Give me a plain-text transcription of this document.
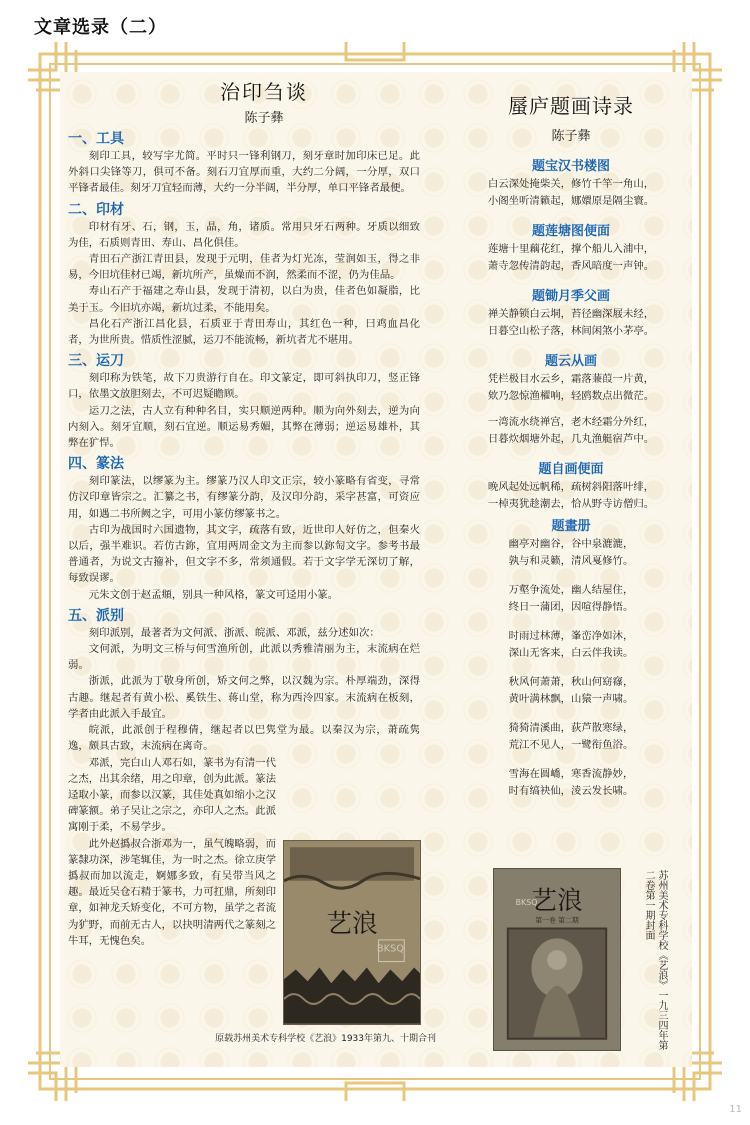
文章选录（二）
治印刍谈
陈子彝
一、工具

刻印工具，较写字尤简。平时只一锋利钢刀，刻牙章时加印床已足。此外斜口尖锋等刀，俱可不备。刻石刀宜厚而重，大约二分阔，一分厚，双口平锋者最佳。刻牙刀宜轻而薄，大约一分半阔，半分厚，单口平锋者最便。

二、印材

印材有牙、石，钢，玉，晶，角，诸质。常用只牙石两种。牙质以细致为佳，石质则青田、寿山、昌化俱佳。

青田石产浙江青田县，发现于元明，佳者为灯光冻，莹润如玉，得之非易，今旧坑佳材已竭，新坑所产，虽燥而不润，然柔而不涩，仍为佳品。

寿山石产于福建之寿山县，发现于清初，以白为贵，佳者色如凝脂，比美于玉。今旧坑亦竭，新坑过柔，不能用矣。

昌化石产浙江昌化县，石质亚于青田寿山，其红色一种，曰鸡血昌化者，为世所贵。惜质性涩腻，运刀不能流畅，新坑者尤不堪用。

三、运刀

刻印称为铁笔，故下刀贵游行自在。印文篆定，即可斜执印刀，竖正锋口，依墨文放胆刻去，不可迟疑瞻顾。

运刀之法，古人立有种种名目，实只顺逆两种。顺为向外刻去，逆为向内刻入。刻牙宜顺，刻石宜逆。顺运易秀媚，其弊在薄弱；逆运易雄朴，其弊在犷悍。

四、篆法

刻印篆法，以缪篆为主。缪篆乃汉人印文正宗，较小篆略有省变，寻常仿汉印章皆宗之。汇纂之书，有缪篆分韵，及汉印分韵，采字甚富，可资应用，如遇二书所阙之字，可用小篆仿缪篆书之。

古印为战国时六国遗物，其文字，疏落有致，近世印人好仿之，但秦火以后，强半难识。若仿古鉨，宜用两周金文为主而参以鉨匋文字。参考书最普通者，为说文古籀补，但文字不多，常须通假。若于文字学无深切了解，每致误谬。

元朱文创于赵孟頫，别具一种风格，篆文可迳用小篆。

五、派别

刻印派别，最著者为文何派、浙派、皖派、邓派，兹分述如次：

文何派，为明文三桥与何雪渔所创，此派以秀雅清丽为主，末流病在烂弱。

浙派，此派为丁敬身所创，矫文何之弊，以汉魏为宗。朴厚端劲，深得古趣。继起者有黄小松、奚铁生、蒋山堂，称为西泠四家。末流病在板刻，学者由此派入手最宜。

皖派，此派创于程穆倩，继起者以巴隽堂为最。以秦汉为宗，萧疏隽逸，颇具古致，末流病在离奇。

邓派，完白山人邓石如，篆书为有清一代之杰，出其余绪，用之印章，创为此派。篆法迳取小篆，而参以汉篆，其佳处真如缩小之汉碑篆额。弟子吴让之宗之，亦印人之杰。此派寓刚于柔，不易学步。

此外赵撝叔合浙邓为一，虽气魄略弱，而篆隸功深，涉笔辄佳，为一时之杰。徐立庚学撝叔而加以流走，婀娜多致，有吴带当风之趣。最近吴仓石精于篆书，力可扛鼎，所刻印章，如神龙夭矫变化，不可方物，虽学之者流为犷野，而前无古人，以抉明清两代之篆刻之牛耳，无愧色矣。

艺浪
BKSQ
原载苏州美术专科学校《艺浪》1933年第九、十期合刊
蜃庐题画诗录
陈子彝
题宝汉书楼图
白云深处掩柴关，修竹千竿一角山，
小阁坐听清籁起，娜嬛原是隔尘寰。
题莲塘图便面
莲塘十里藕花红，撑个船儿入浦中，
萧寺忽传清韵起，香风暗度一声钟。
题锄月季父画
禅关静锁白云垌，苔径幽深屐未经，
日暮空山松子落，林间闲煞小茅亭。
题云从画
凭栏极目水云乡，霜落蒹葭一片黄，
欸乃忽惊渔櫂响，轻鸥数点出微茫。
一湾流水绕禅宫，老木经霜分外红，
日暮炊烟塘外起，几丸渔艇宿芦中。
题自画便面
晚风起处远帆稀，疏树斜阳落叶绯，
一棹夷犹趁潮去，恰从野寺访僧归。
题畫册
幽亭对幽谷，谷中泉漉漉，
孰与和灵籁，清风戛修竹。
万壑争流处，幽人结屋住，
终日一蒲团，因喧得静悟。
时雨过林薄，峯峦净如沐，
深山无客来，白云伴我读。
秋风何萧萧，秋山何窈窱，
黄叶满林飘，山猿一声啸。
猗猗清溪曲，荻芦散寒绿，
荒江不见人，一鹭衔鱼浴。
雪海在圆嶠，寒香流静妙，
时有缟袂仙，淩云发长啸。
艺浪
第一卷 第二期
BKSQ	苏州美术专科学校《艺浪》一九三四年第二卷第一期封面
11
